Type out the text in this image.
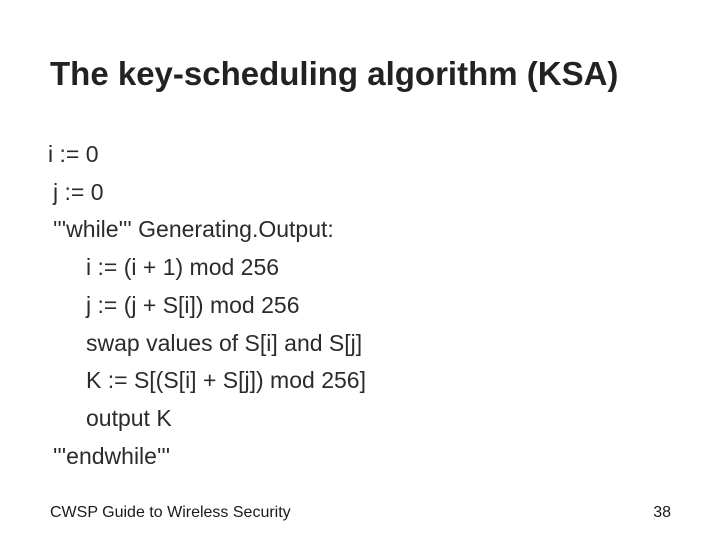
The key-scheduling algorithm (KSA)
i := 0
j := 0
'''while''' Generating.Output:
i := (i + 1) mod 256
j := (j + S[i]) mod 256
swap values of S[i] and S[j]
K := S[(S[i] + S[j]) mod 256]
output K
'''endwhile'''
CWSP Guide to Wireless Security	38
